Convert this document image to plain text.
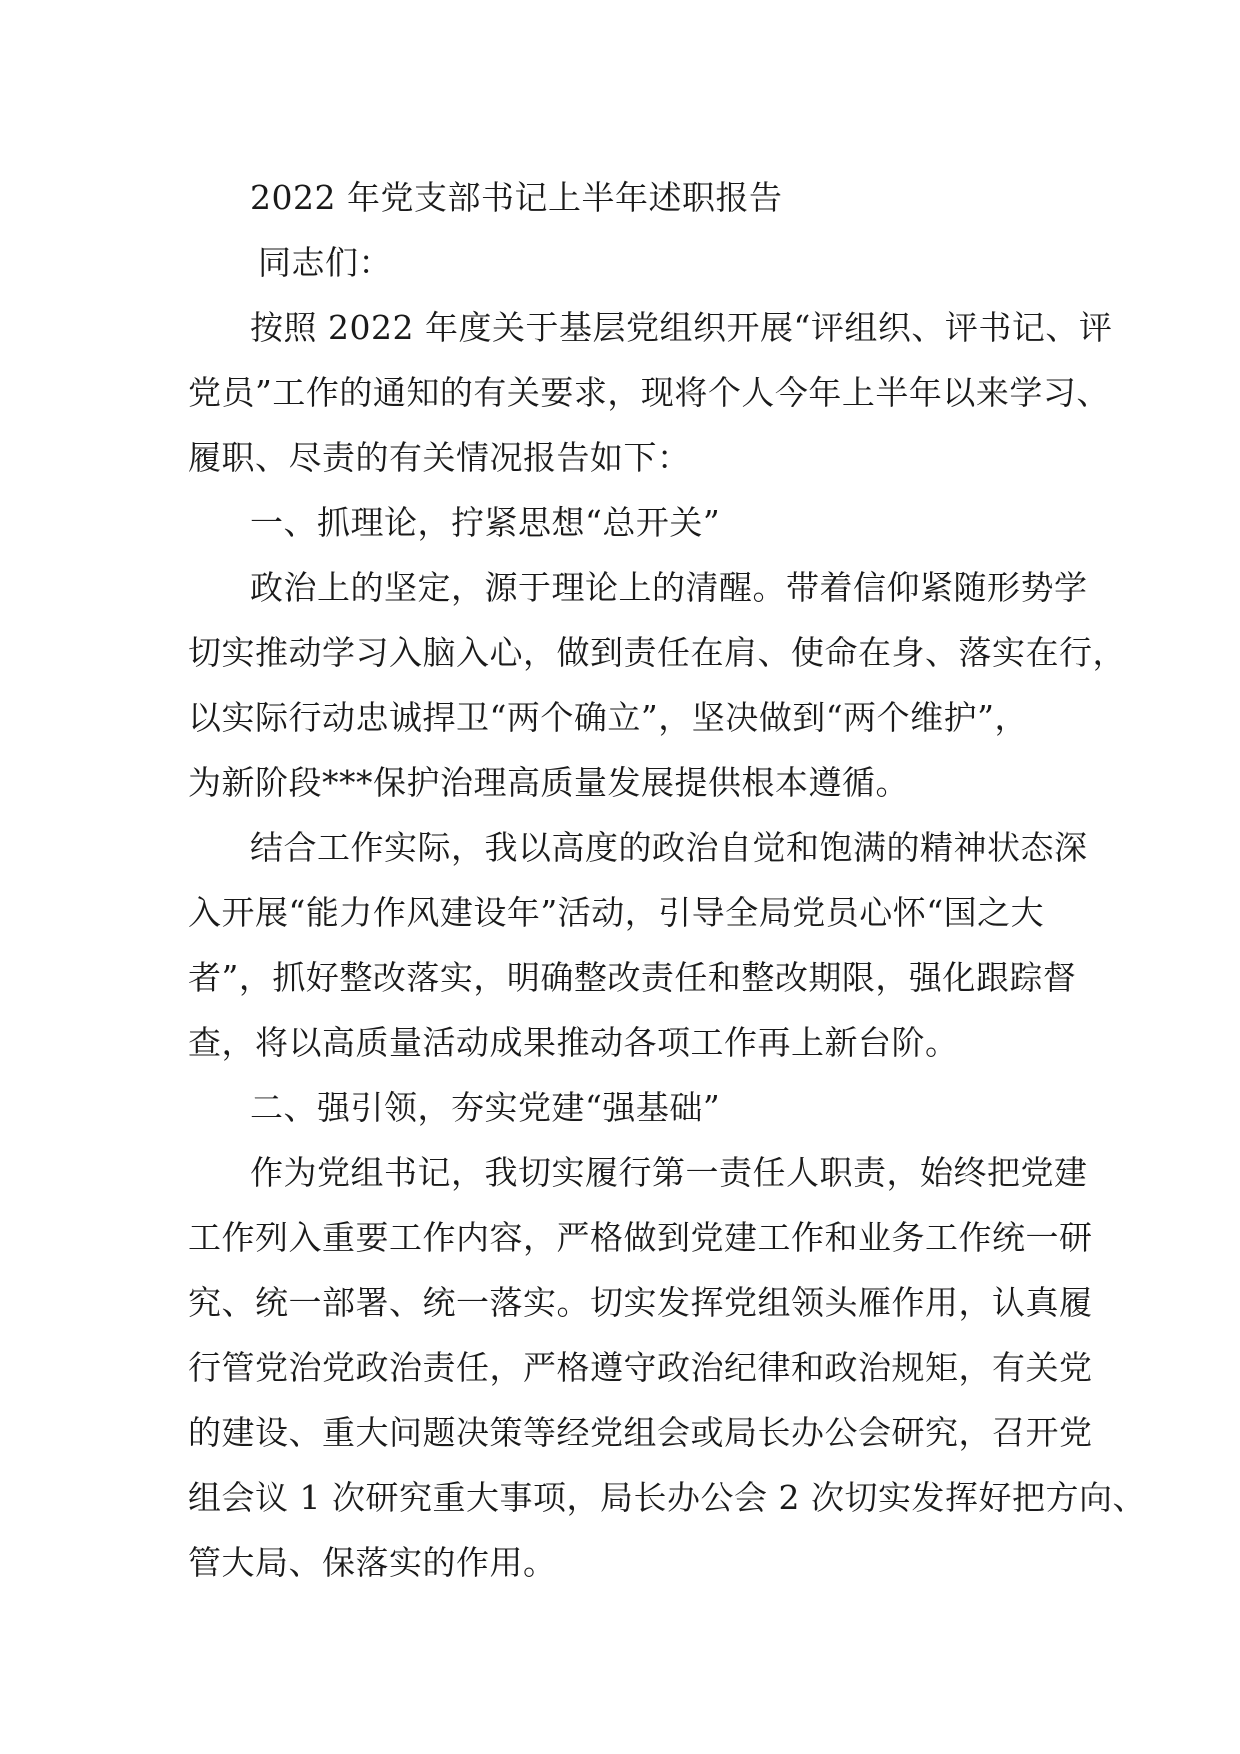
2022 年党支部书记上半年述职报告
同志们：
按照 2022 年度关于基层党组织开展“评组织、评书记、评
党员”工作的通知的有关要求，现将个人今年上半年以来学习、
履职、尽责的有关情况报告如下：
一、抓理论，拧紧思想“总开关”
政治上的坚定，源于理论上的清醒。带着信仰紧随形势学
切实推动学习入脑入心，做到责任在肩、使命在身、落实在行，
以实际行动忠诚捍卫“两个确立”，坚决做到“两个维护”，
为新阶段***保护治理高质量发展提供根本遵循。
结合工作实际，我以高度的政治自觉和饱满的精神状态深
入开展“能力作风建设年”活动，引导全局党员心怀“国之大
者”，抓好整改落实，明确整改责任和整改期限，强化跟踪督
查，将以高质量活动成果推动各项工作再上新台阶。
二、强引领，夯实党建“强基础”
作为党组书记，我切实履行第一责任人职责，始终把党建
工作列入重要工作内容，严格做到党建工作和业务工作统一研
究、统一部署、统一落实。切实发挥党组领头雁作用，认真履
行管党治党政治责任，严格遵守政治纪律和政治规矩，有关党
的建设、重大问题决策等经党组会或局长办公会研究，召开党
组会议 1 次研究重大事项，局长办公会 2 次切实发挥好把方向、
管大局、保落实的作用。
